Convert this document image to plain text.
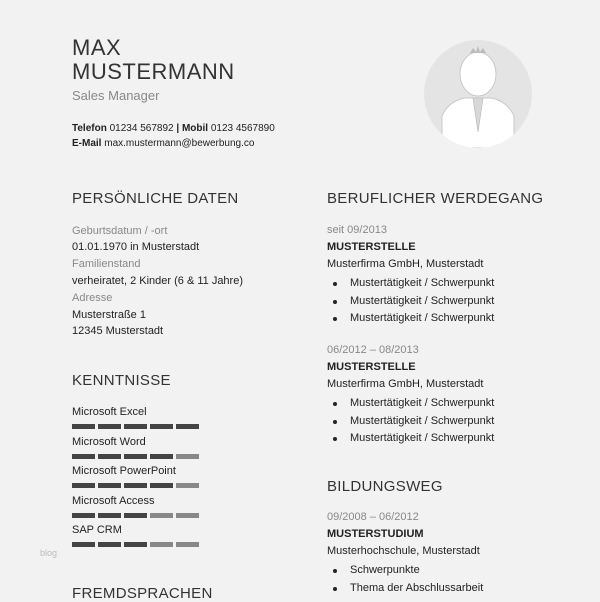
MAX
MUSTERMANN
Sales Manager
Telefon 01234 567892 | Mobil 0123 4567890
E-Mail max.mustermann@bewerbung.co
PERSÖNLICHE DATEN
Geburtsdatum / -ort
01.01.1970 in Musterstadt
Familienstand
verheiratet, 2 Kinder (6 & 11 Jahre)
Adresse
Musterstraße 1
12345 Musterstadt
KENNTNISSE
Microsoft Excel
Microsoft Word
Microsoft PowerPoint
Microsoft Access
SAP CRM
FREMDSPRACHEN
BERUFLICHER WERDEGANG
seit 09/2013
MUSTERSTELLE
Musterfirma GmbH, Musterstadt
Mustertätigkeit / Schwerpunkt
Mustertätigkeit / Schwerpunkt
Mustertätigkeit / Schwerpunkt
06/2012 – 08/2013
MUSTERSTELLE
Musterfirma GmbH, Musterstadt
Mustertätigkeit / Schwerpunkt
Mustertätigkeit / Schwerpunkt
Mustertätigkeit / Schwerpunkt
BILDUNGSWEG
09/2008 – 06/2012
MUSTERSTUDIUM
Musterhochschule, Musterstadt
Schwerpunkte
Thema der Abschlussarbeit
blog
